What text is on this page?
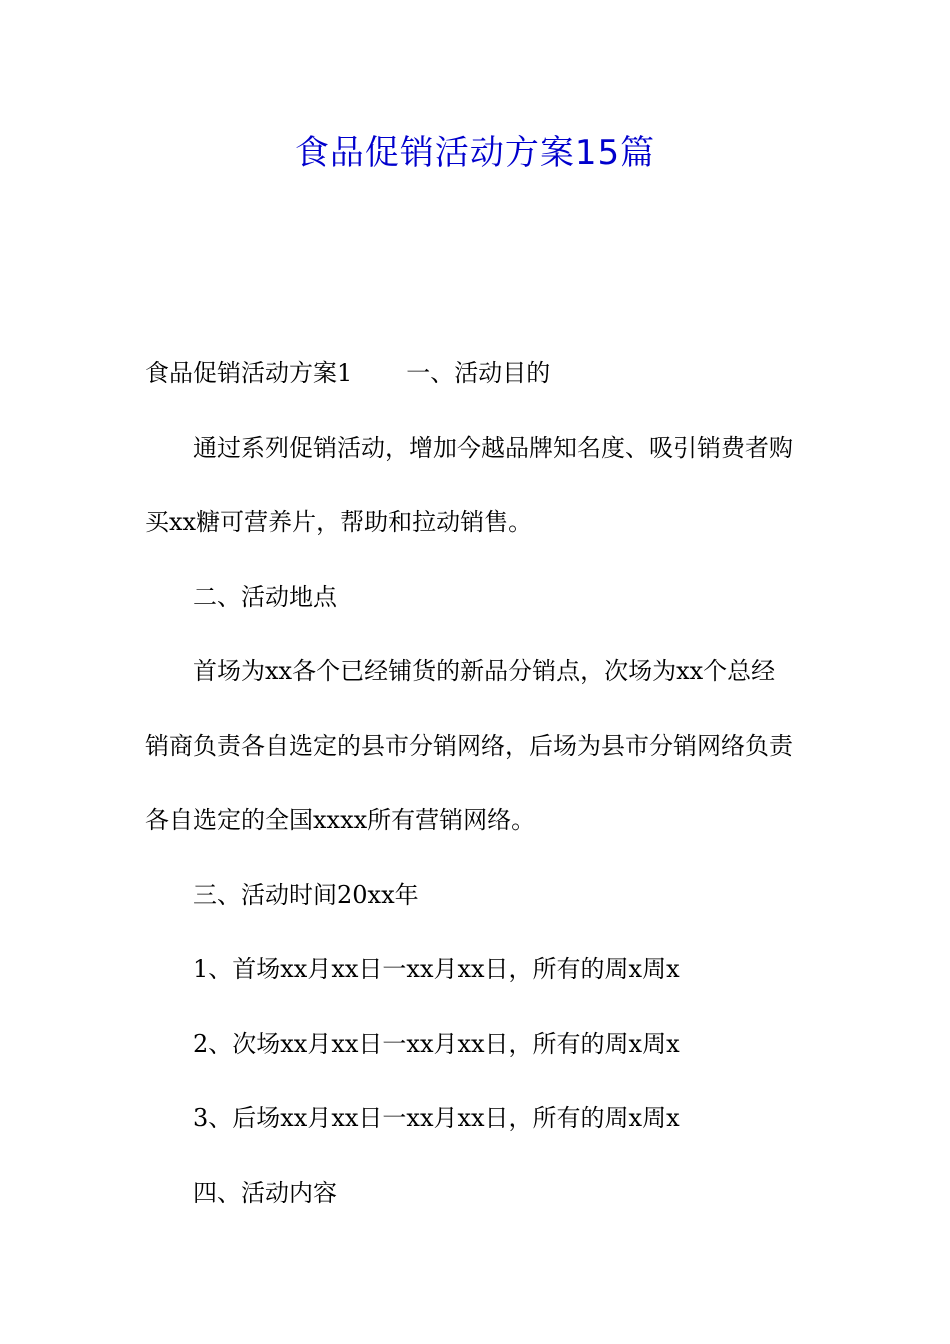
食品促销活动方案15篇

食品促销活动方案1 一、活动目的

通过系列促销活动，增加今越品牌知名度、吸引销费者购

买xx糖可营养片，帮助和拉动销售。

二、活动地点

首场为xx各个已经铺货的新品分销点，次场为xx个总经

销商负责各自选定的县市分销网络，后场为县市分销网络负责

各自选定的全国xxxx所有营销网络。

三、活动时间20xx年

1、首场xx月xx日一xx月xx日，所有的周x周x

2、次场xx月xx日一xx月xx日，所有的周x周x

3、后场xx月xx日一xx月xx日，所有的周x周x

四、活动内容
